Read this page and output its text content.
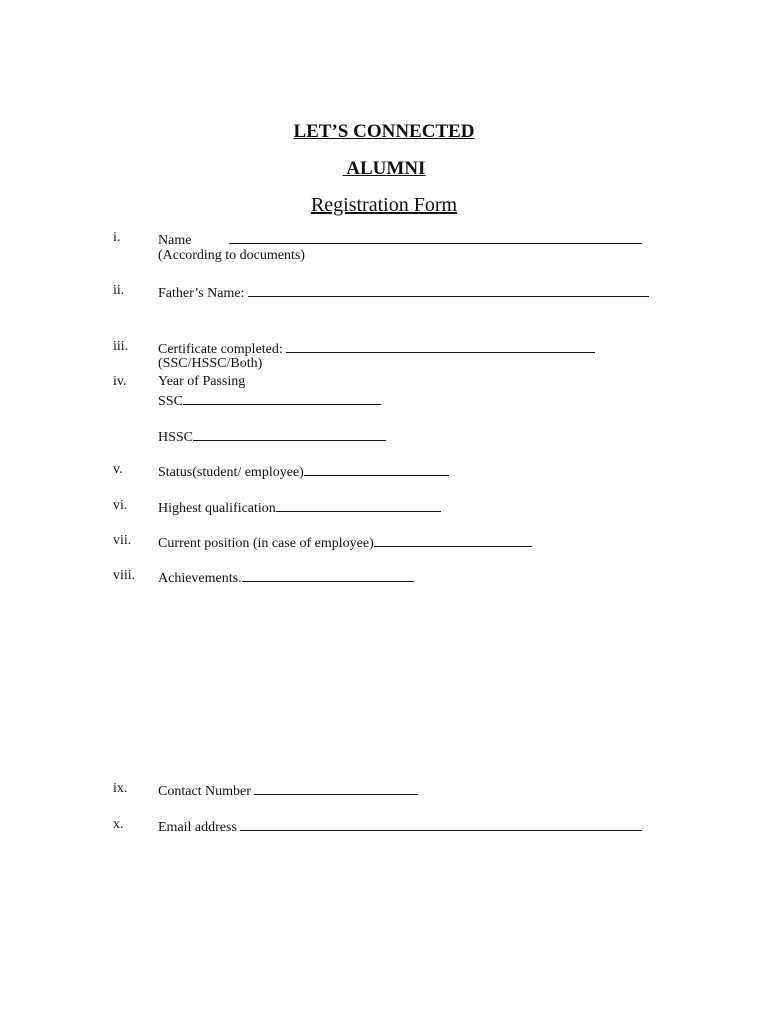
LET’S CONNECTED
ALUMNI
Registration Form
i.	Name
(According to documents)
ii. Father’s Name:
iii. Certificate completed:
(SSC/HSSC/Both)
iv. Year of Passing
SSC
HSSC
v.	Status(student/ employee)
vi. Highest qualification
vii. Current position (in case of employee)
viii. Achievements.
ix. Contact Number
x. Email address
